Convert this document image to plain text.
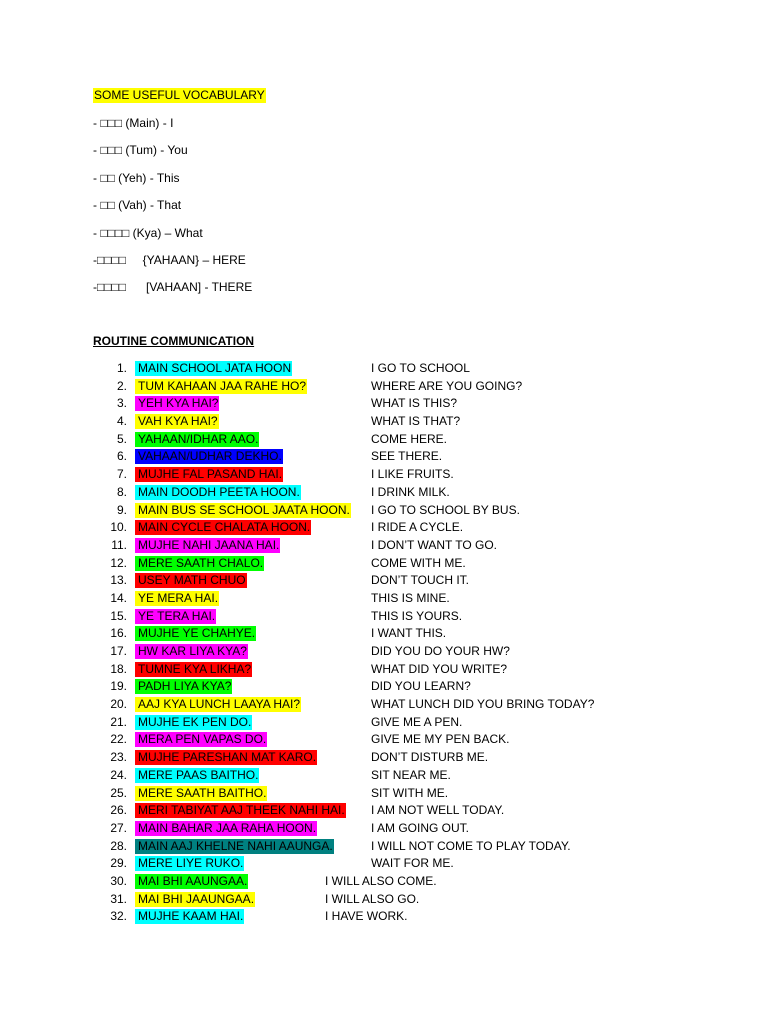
SOME USEFUL VOCABULARY
- □□□ (Main) - I
- □□□ (Tum) - You
- □□ (Yeh) - This
- □□ (Vah) - That
- □□□□ (Kya) – What
-□□□□     {YAHAAN} – HERE
-□□□□      [VAHAAN] - THERE
ROUTINE COMMUNICATION
1. MAIN SCHOOL JATA HOON	I GO TO SCHOOL
2. TUM KAHAAN JAA RAHE HO?	WHERE ARE YOU GOING?
3. YEH KYA HAI?	WHAT IS THIS?
4. VAH KYA HAI?	WHAT IS THAT?
5. YAHAAN/IDHAR AAO.	COME HERE.
6. VAHAAN/UDHAR DEKHO.	SEE THERE.
7. MUJHE FAL PASAND HAI.	I LIKE FRUITS.
8. MAIN DOODH PEETA HOON.	I DRINK MILK.
9. MAIN BUS SE SCHOOL JAATA HOON. I GO TO SCHOOL BY BUS.
10. MAIN CYCLE CHALATA HOON.	I RIDE A CYCLE.
11. MUJHE NAHI JAANA HAI.	I DON’T WANT TO GO.
12. MERE SAATH CHALO.	COME WITH ME.
13. USEY MATH CHUO	DON’T TOUCH IT.
14. YE MERA HAI.	THIS IS MINE.
15. YE TERA HAI.	THIS IS YOURS.
16. MUJHE YE CHAHYE.	I WANT THIS.
17. HW KAR LIYA KYA?	DID YOU DO YOUR HW?
18. TUMNE KYA LIKHA?	WHAT DID YOU WRITE?
19. PADH LIYA KYA?	DID YOU LEARN?
20. AAJ KYA LUNCH LAAYA HAI?	WHAT LUNCH DID YOU BRING TODAY?
21. MUJHE EK PEN DO.	GIVE ME A PEN.
22. MERA PEN VAPAS DO.	GIVE ME MY PEN BACK.
23. MUJHE PARESHAN MAT KARO.	DON’T DISTURB ME.
24. MERE PAAS BAITHO.	SIT NEAR ME.
25. MERE SAATH BAITHO.	SIT WITH ME.
26. MERI TABIYAT AAJ THEEK NAHI HAI. I AM NOT WELL TODAY.
27. MAIN BAHAR JAA RAHA HOON.	I AM GOING OUT.
28. MAIN AAJ KHELNE NAHI AAUNGA.	I WILL NOT COME TO PLAY TODAY.
29. MERE LIYE RUKO.	WAIT FOR ME.
30. MAI BHI AAUNGAA.	I WILL ALSO COME.
31. MAI BHI JAAUNGAA.	I WILL ALSO GO.
32. MUJHE KAAM HAI.	I HAVE WORK.
